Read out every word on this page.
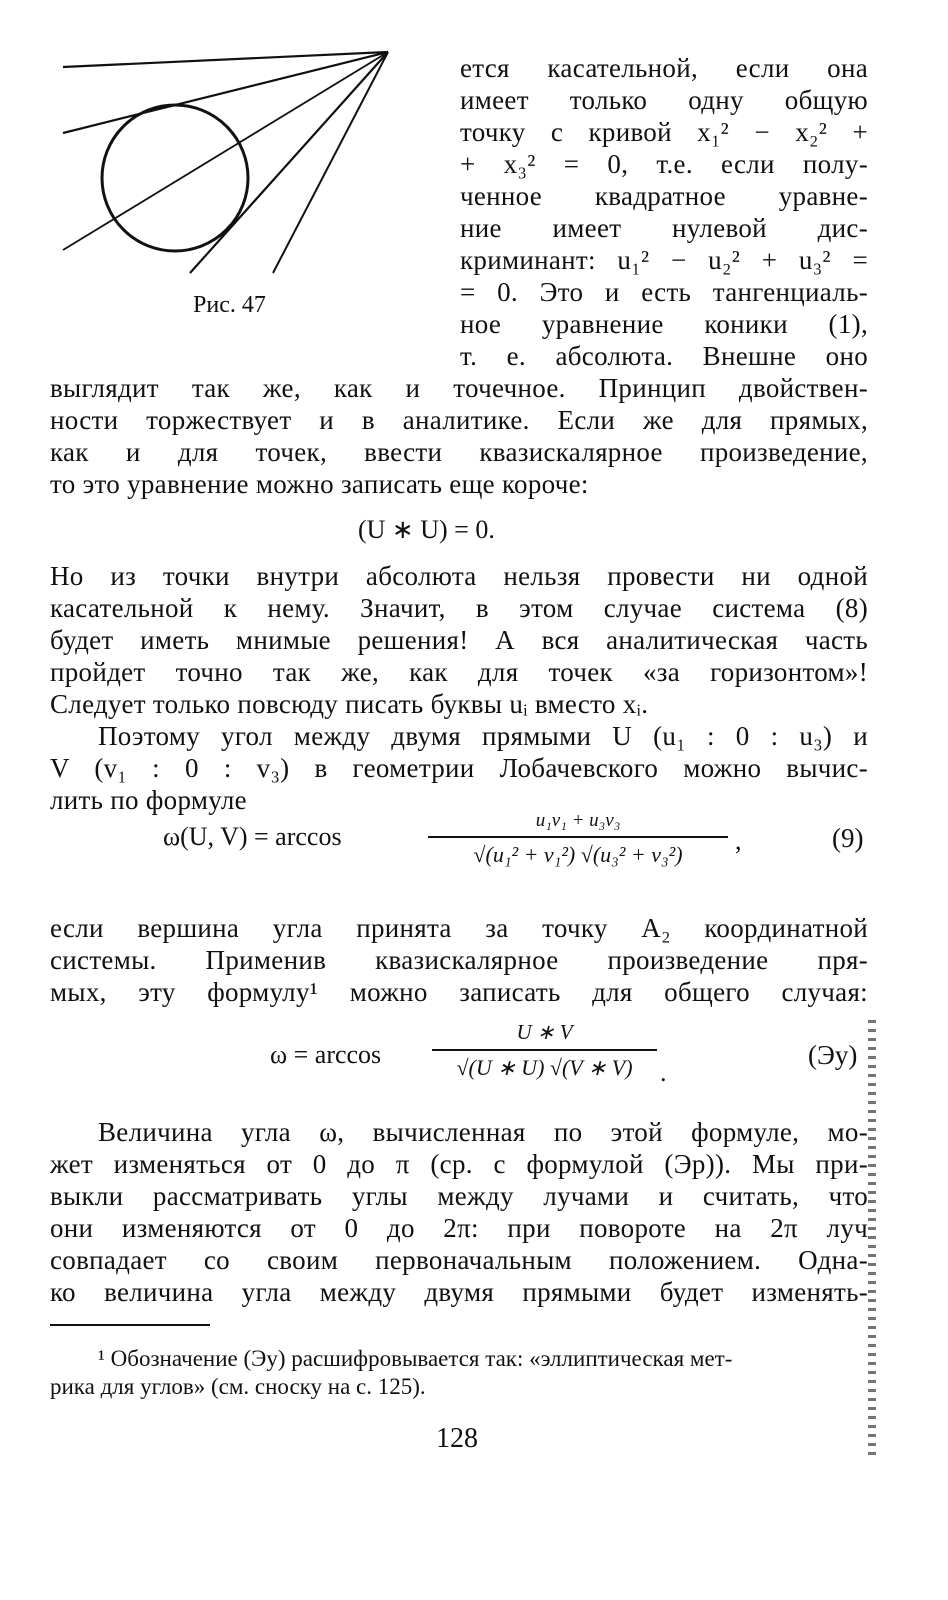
Рис. 47
ется касательной, если она
имеет только одну общую
точку с кривой x₁² − x₂² +
+ x₃² = 0, т.е. если полу-
ченное квадратное уравне-
ние имеет нулевой дис-
криминант: u₁² − u₂² + u₃² =
= 0. Это и есть тангенциаль-
ное уравнение коники (1),
т. е. абсолюта. Внешне оно
выглядит так же, как и точечное. Принцип двойствен-
ности торжествует и в аналитике. Если же для прямых,
как и для точек, ввести квазискалярное произведение,
то это уравнение можно записать еще короче:
(U ∗ U) = 0.
Но из точки внутри абсолюта нельзя провести ни одной
касательной к нему. Значит, в этом случае система (8)
будет иметь мнимые решения! А вся аналитическая часть
пройдет точно так же, как для точек «за горизонтом»!
Следует только повсюду писать буквы uᵢ вместо xᵢ.
Поэтому угол между двумя прямыми U (u₁ : 0 : u₃) и
V (v₁ : 0 : v₃) в геометрии Лобачевского можно вычис-
лить по формуле
ω(U, V) = arccos
u₁v₁ + u₃v₃
√(u₁² + v₁²) √(u₃² + v₃²)	,	(9)
если вершина угла принята за точку A₂ координатной
системы. Применив квазискалярное произведение пря-
мых, эту формулу¹ можно записать для общего случая:
ω = arccos
U ∗ V
√(U ∗ U) √(V ∗ V)	.
(Эу)
Величина угла ω, вычисленная по этой формуле, мо-
жет изменяться от 0 до π (ср. с формулой (Эр)). Мы при-
выкли рассматривать углы между лучами и считать, что
они изменяются от 0 до 2π: при повороте на 2π луч
совпадает со своим первоначальным положением. Одна-
ко величина угла между двумя прямыми будет изменять-
¹ Обозначение (Эу) расшифровывается так: «эллиптическая мет-
рика для углов» (см. сноску на с. 125).
128
